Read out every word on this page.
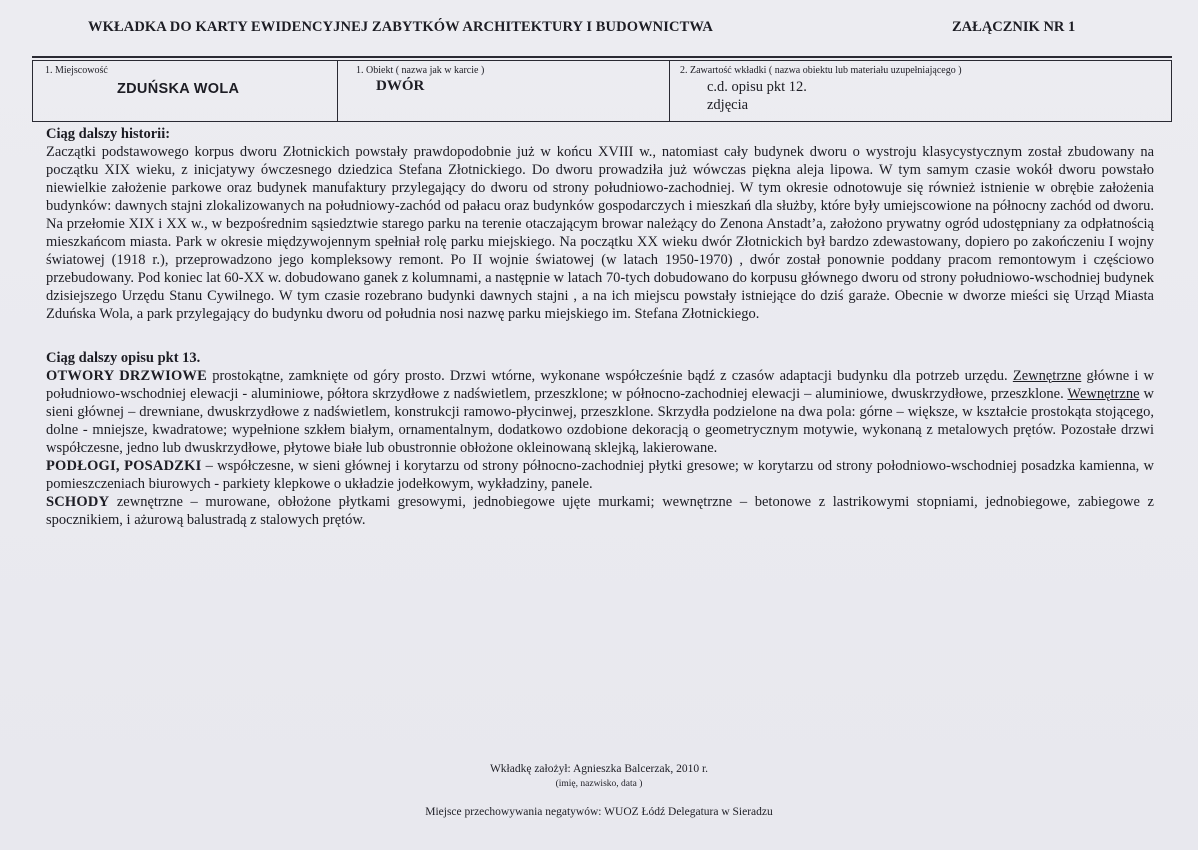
WKŁADKA DO KARTY EWIDENCYJNEJ ZABYTKÓW ARCHITEKTURY I BUDOWNICTWA	ZAŁĄCZNIK NR 1
1. Miejscowość
ZDUŃSKA WOLA
1. Obiekt ( nazwa jak w karcie )
DWÓR
2. Zawartość wkładki ( nazwa obiektu lub materiału uzupełniającego )
c.d. opisu pkt 12.
zdjęcia
Ciąg dalszy historii:

Zaczątki podstawowego korpus dworu Złotnickich powstały prawdopodobnie już w końcu XVIII w., natomiast cały budynek dworu o wystroju klasycystycznym został zbudowany na początku XIX wieku, z inicjatywy ówczesnego dziedzica Stefana Złotnickiego. Do dworu prowadziła już wówczas piękna aleja lipowa. W tym samym czasie wokół dworu powstało niewielkie założenie parkowe oraz budynek manufaktury przylegający do dworu od strony południowo-zachodniej. W tym okresie odnotowuje się również istnienie w obrębie założenia budynków: dawnych stajni zlokalizowanych na południowy-zachód od pałacu oraz budynków gospodarczych i mieszkań dla służby, które były umiejscowione na północny zachód od dworu. Na przełomie XIX i XX w., w bezpośrednim sąsiedztwie starego parku na terenie otaczającym browar należący do Zenona Anstadt’a, założono prywatny ogród udostępniany za odpłatnością mieszkańcom miasta. Park w okresie międzywojennym spełniał rolę parku miejskiego. Na początku XX wieku dwór Złotnickich był bardzo zdewastowany, dopiero po zakończeniu I wojny światowej (1918 r.), przeprowadzono jego kompleksowy remont. Po II wojnie światowej (w latach 1950-1970) , dwór został ponownie poddany pracom remontowym i częściowo przebudowany. Pod koniec lat 60-XX w. dobudowano ganek z kolumnami, a następnie w latach 70-tych dobudowano do korpusu głównego dworu od strony południowo-wschodniej budynek dzisiejszego Urzędu Stanu Cywilnego. W tym czasie rozebrano budynki dawnych stajni , a na ich miejscu powstały istniejące do dziś garaże. Obecnie w dworze mieści się Urząd Miasta Zduńska Wola, a park przylegający do budynku dworu od południa nosi nazwę parku miejskiego im. Stefana Złotnickiego.

Ciąg dalszy opisu pkt 13.

OTWORY DRZWIOWE prostokątne, zamknięte od góry prosto. Drzwi wtórne, wykonane współcześnie bądź z czasów adaptacji budynku dla potrzeb urzędu. Zewnętrzne główne i w południowo-wschodniej elewacji - aluminiowe, półtora skrzydłowe z nadświetlem, przeszklone; w północno-zachodniej elewacji – aluminiowe, dwuskrzydłowe, przeszklone. Wewnętrzne w sieni głównej – drewniane, dwuskrzydłowe z nadświetlem, konstrukcji ramowo-płycinwej, przeszklone. Skrzydła podzielone na dwa pola: górne – większe, w kształcie prostokąta stojącego, dolne - mniejsze, kwadratowe; wypełnione szkłem białym, ornamentalnym, dodatkowo ozdobione dekoracją o geometrycznym motywie, wykonaną z metalowych prętów. Pozostałe drzwi współczesne, jedno lub dwuskrzydłowe, płytowe białe lub obustronnie obłożone okleinowaną sklejką, lakierowane.

PODŁOGI, POSADZKI – współczesne, w sieni głównej i korytarzu od strony północno-zachodniej płytki gresowe; w korytarzu od strony połodniowo-wschodniej posadzka kamienna, w pomieszczeniach biurowych - parkiety klepkowe o układzie jodełkowym, wykładziny, panele.

SCHODY zewnętrzne – murowane, obłożone płytkami gresowymi, jednobiegowe ujęte murkami; wewnętrzne – betonowe z lastrikowymi stopniami, jednobiegowe, zabiegowe z spocznikiem, i ażurową balustradą z stalowych prętów.

Wkładkę założył: Agnieszka Balcerzak, 2010 r.
(imię, nazwisko, data )
Miejsce przechowywania negatywów: WUOZ Łódź Delegatura w Sieradzu
